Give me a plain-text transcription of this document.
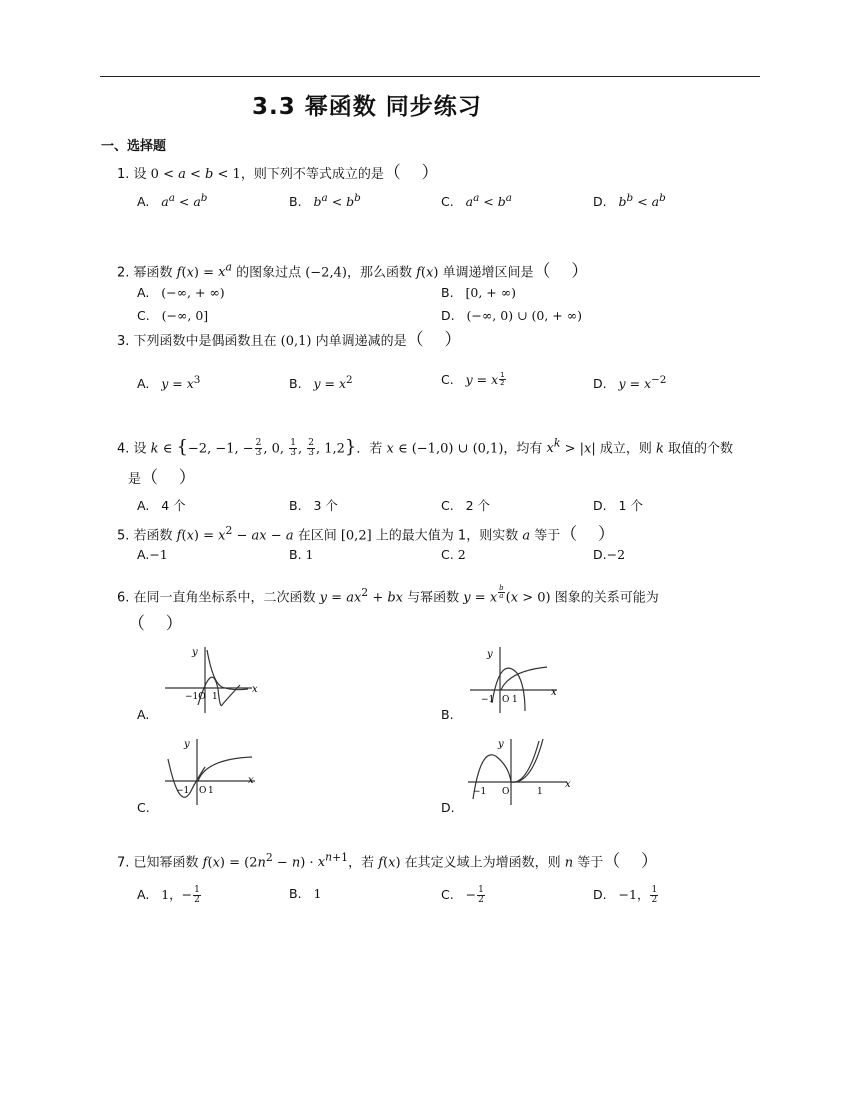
3.3 幂函数 同步练习
一、选择题
1. 设 0 < a < b < 1，则下列不等式成立的是（ ）
A. $a^a < a^b$	B. $b^a < b^b$	C. $a^a < b^a$	D. $b^b < a^b$
2. 幂函数 $f(x) = x^a$ 的图象过点 (−2,4)，那么函数 f(x) 单调递增区间是（ ）
A. (−∞, + ∞)	B. [0, + ∞)
C. (−∞, 0]	D. (−∞, 0) ∪ (0, + ∞)
3. 下列函数中是偶函数且在 (0,1) 内单调递减的是（ ）
A. $y = x^3$	B. $y = x^2$	C. y = x $^{\frac{1}{2}}$	D. $y = x^{-2}$
4. 设 k ∈ {−2, −1, − $\frac{2}{3}$ , 0, $\frac{1}{3}$ , $\frac{2}{3}$ , 1,2}．若 x ∈ (−1,0) ∪ (0,1)，均有 $x^k > |x|$ 成立，则 k 取值的个数
是（ ）
A. 4 个	B. 3 个	C. 2 个	D. 1 个
5. 若函数 $f(x) = x^2$ − ax − a 在区间 [0,2] 上的最大值为 1，则实数 a 等于（ ）
A.−1	B. 1	C. 2	D.−2
6. 在同一直角坐标系中，二次函数 $y = ax^2$ + bx 与幂函数 y = x $^{\frac{b}{a}}$ (x > 0) 图象的关系可能为
（ ）
y
x
−1O 1
A.
y
x
−1 O 1
B.
y
x
−1 O 1
C.
y
x
−1 O	1
D.
7. 已知幂函数 $f(x) = (2n^2 - n) \cdot x^{n+1}$，若 f(x) 在其定义域上为增函数，则 n 等于（ ）
A. 1，− $\frac{1}{2}$	B. 1	C. − $\frac{1}{2}$	D. −1， $\frac{1}{2}$
